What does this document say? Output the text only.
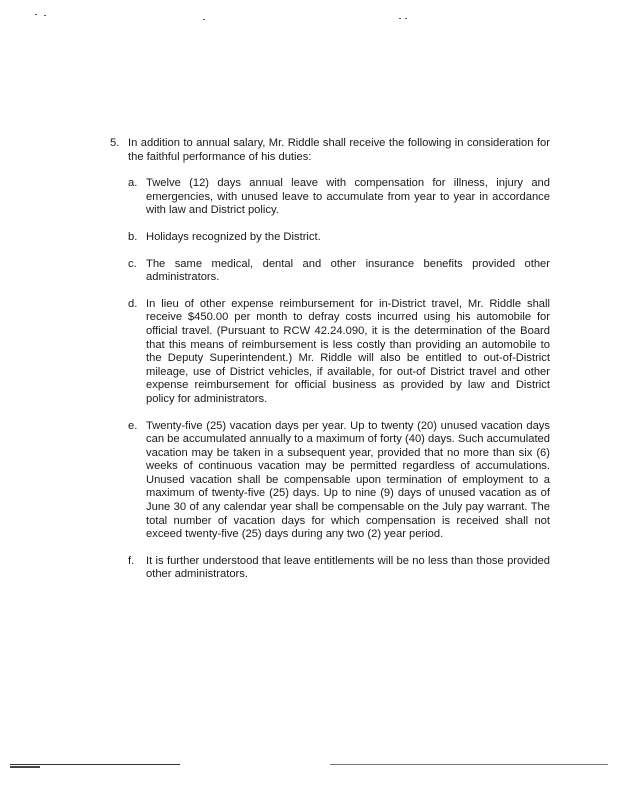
5. In addition to annual salary, Mr. Riddle shall receive the following in consideration for the faithful performance of his duties:
a. Twelve (12) days annual leave with compensation for illness, injury and emergencies, with unused leave to accumulate from year to year in accordance with law and District policy.
b. Holidays recognized by the District.
c. The same medical, dental and other insurance benefits provided other administrators.
d. In lieu of other expense reimbursement for in-District travel, Mr. Riddle shall receive $450.00 per month to defray costs incurred using his automobile for official travel. (Pursuant to RCW 42.24.090, it is the determination of the Board that this means of reimbursement is less costly than providing an automobile to the Deputy Superintendent.) Mr. Riddle will also be entitled to out-of-District mileage, use of District vehicles, if available, for out-of District travel and other expense reimbursement for official business as provided by law and District policy for administrators.
e. Twenty-five (25) vacation days per year. Up to twenty (20) unused vacation days can be accumulated annually to a maximum of forty (40) days. Such accumulated vacation may be taken in a subsequent year, provided that no more than six (6) weeks of continuous vacation may be permitted regardless of accumulations. Unused vacation shall be compensable upon termination of employment to a maximum of twenty-five (25) days. Up to nine (9) days of unused vacation as of June 30 of any calendar year shall be compensable on the July pay warrant. The total number of vacation days for which compensation is received shall not exceed twenty-five (25) days during any two (2) year period.
f.	It is further understood that leave entitlements will be no less than those provided other administrators.
